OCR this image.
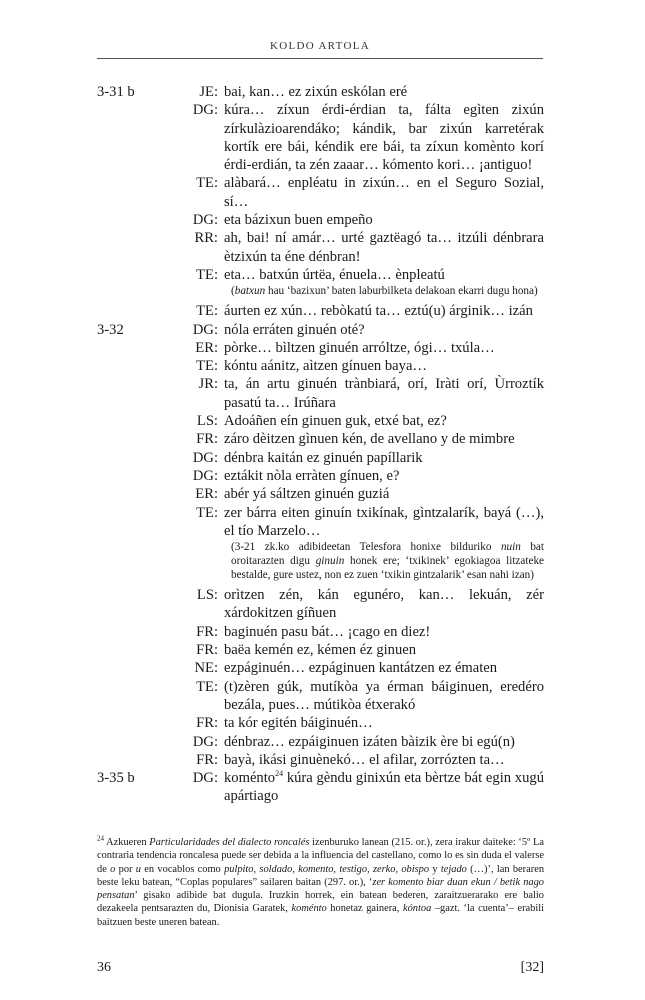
KOLDO ARTOLA
3-31 b	JE: bai, kan… ez zixún eskólan eré
DG: kúra… zíxun érdi-érdian ta, fálta egìten zixún zírkulàzioarendáko; kándik, bar zixún karretérak kortík ere bái, kéndik ere bái, ta zíxun komènto korí érdi-erdián, ta zén zaaar… kómento kori… ¡antiguo!
TE: alàbará… enpléatu in zixún… en el Seguro Sozial, sí…
DG: eta bázixun buen empeño
RR: ah, bai! ní amár… urté gaztëagó ta… itzúli dénbrara ètzixún ta éne dénbran!
TE: eta… batxún úrtëa, énuela… ènpleatú
(batxun hau ‘bazixun’ baten laburbilketa delakoan ekarri dugu hona)
TE: áurten ez xún… rebòkatú ta… eztú(u) árginik… izán
3-32	DG: nóla erráten ginuén oté?
ER: pòrke… bìltzen ginuén arróltze, ógi… txúla…
TE: kóntu aánitz, aìtzen gínuen baya…
JR: ta, án artu ginuén trànbiará, orí, Iràti orí, Ùrroztík pasatú ta… Irúñara
LS: Adoáñen eín ginuen guk, etxé bat, ez?
FR: záro dèitzen gìnuen kén, de avellano y de mimbre
DG: dénbra kaitán ez ginuén papíllarik
DG: eztákit nòla erràten gínuen, e?
ER: abér yá sáltzen ginuén guziá
TE: zer bárra eiten ginuín txikínak, gìntzalarík, bayá (…), el tío Marzelo…
(3-21 zk.ko adibideetan Telesfora honixe bilduriko nuin bat oroitarazten digu ginuin honek ere; ‘txikinek’ egokiagoa litzateke bestalde, gure ustez, non ez zuen ‘txikin gintzalarik’ esan nahi izan)
LS: orìtzen zén, kán egunéro, kan… lekuán, zér xárdokitzen gíñuen
FR: baginuén pasu bát… ¡cago en diez!
FR: baëa kemén ez, kémen éz ginuen
NE: ezpáginuén… ezpáginuen kantátzen ez ématen
TE: (t)zèren gúk, mutíkòa ya érman báiginuen, eredéro bezála, pues… mútikòa étxerakó
FR: ta kór egitén báiginuén…
DG: dénbraz… ezpáiginuen izáten bàizik ère bi egú(n)
FR: bayà, ikási ginuènekó… el afilar, zorrózten ta…
3-35 b	DG: koménto$^{24}$ kúra gèndu ginixún eta bèrtze bát egin xugú apártiago
$^{24}$ Azkueren Particularidades del dialecto roncalés izenburuko lanean (215. or.), zera irakur daiteke: ‘5º La contraria tendencia roncalesa puede ser debida a la influencia del castellano, como lo es sin duda el valerse de o por u en vocablos como pulpito, soldado, komento, testigo, zerko, obispo y tejado (…)’, lan beraren beste leku batean, “Coplas populares” sailaren baitan (297. or.), ‘zer komento biar duan ekun / betik nago pensatan’ gisako adibide bat dugula. Iruzkin horrek, ein batean bederen, zaraitzuerarako ere balio dezakeela pentsarazten du, Dionisia Garatek, koménto honetaz gainera, kóntoa –gazt. ‘la cuenta’– erabili baitzuen beste uneren batean.
36	[32]
